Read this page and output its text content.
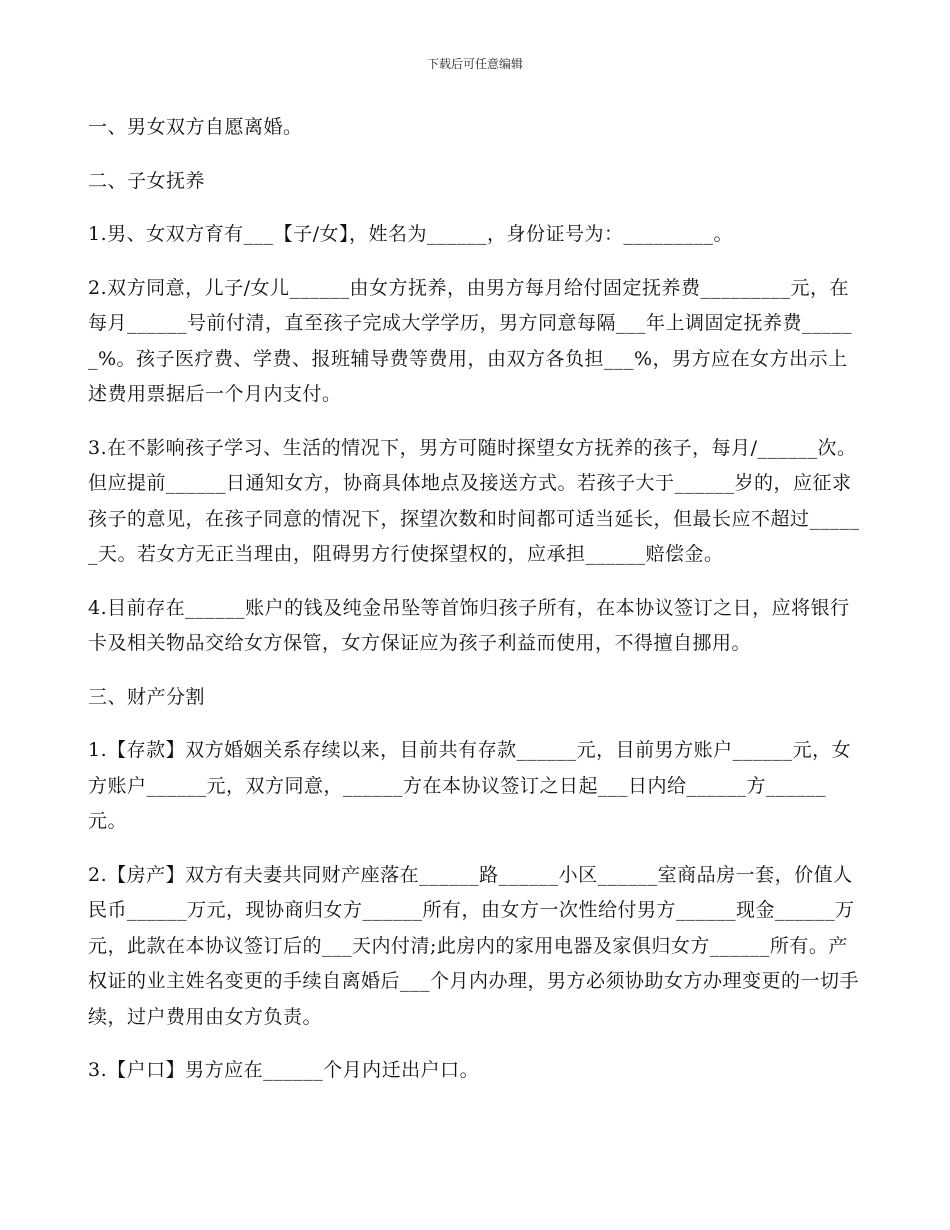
下载后可任意编辑

一、男女双方自愿离婚。

二、子女抚养

1.男、女双方育有___【子/女】，姓名为______，身份证号为：_________。

2.双方同意，儿子/女儿______由女方抚养，由男方每月给付固定抚养费_________元，在每月______号前付清，直至孩子完成大学学历，男方同意每隔___年上调固定抚养费______%。孩子医疗费、学费、报班辅导费等费用，由双方各负担___%，男方应在女方出示上述费用票据后一个月内支付。

3.在不影响孩子学习、生活的情况下，男方可随时探望女方抚养的孩子，每月/______次。但应提前______日通知女方，协商具体地点及接送方式。若孩子大于______岁的，应征求孩子的意见，在孩子同意的情况下，探望次数和时间都可适当延长，但最长应不超过______天。若女方无正当理由，阻碍男方行使探望权的，应承担______赔偿金。

4.目前存在______账户的钱及纯金吊坠等首饰归孩子所有，在本协议签订之日，应将银行卡及相关物品交给女方保管，女方保证应为孩子利益而使用，不得擅自挪用。

三、财产分割

1.【存款】双方婚姻关系存续以来，目前共有存款______元，目前男方账户______元，女方账户______元，双方同意，______方在本协议签订之日起___日内给______方______元。

2.【房产】双方有夫妻共同财产座落在______路______小区______室商品房一套，价值人民币______万元，现协商归女方______所有，由女方一次性给付男方______现金______万元，此款在本协议签订后的___天内付清;此房内的家用电器及家俱归女方______所有。产权证的业主姓名变更的手续自离婚后___个月内办理，男方必须协助女方办理变更的一切手续，过户费用由女方负责。

3.【户口】男方应在______个月内迁出户口。
